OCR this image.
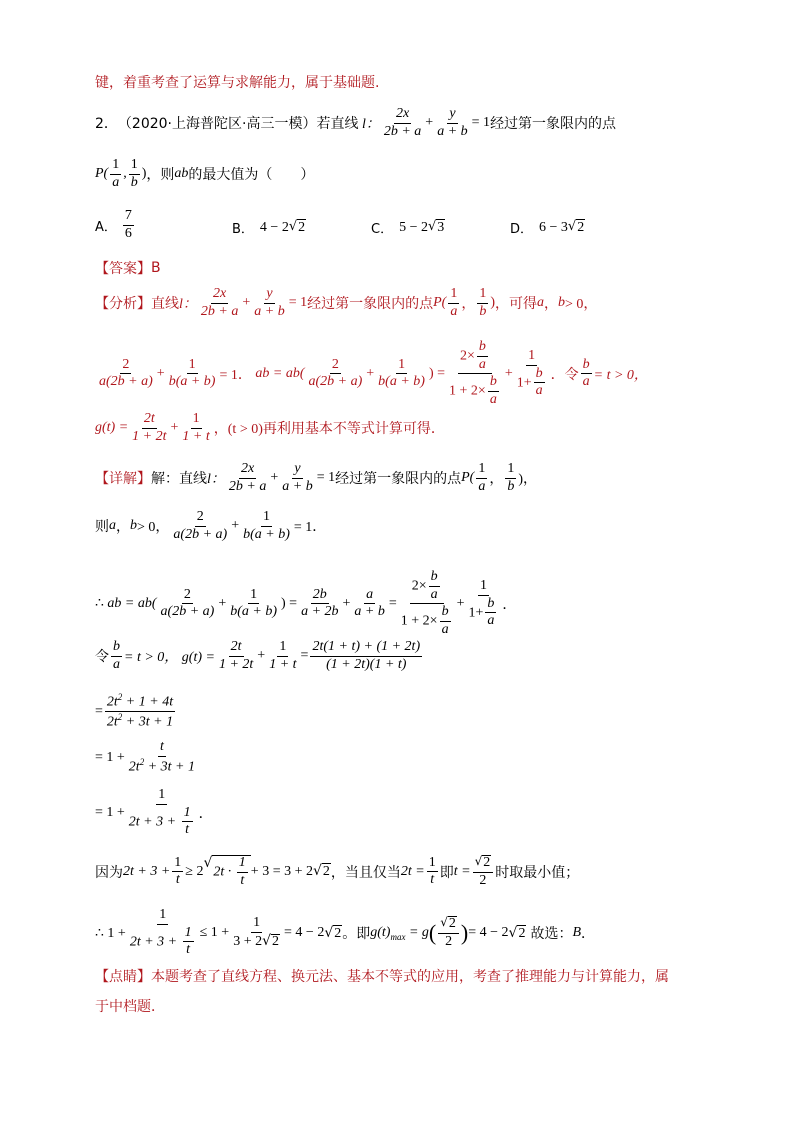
键，着重考查了运算与求解能力，属于基础题.
2． （2020·上海普陀区·高三一模） 若直线 l： $\frac{2x}{2b + a} + \frac{y}{a + b} = 1$ 经过第一象限内的点
$P( \frac{1}{a}$ , $\frac{1}{b}$ ) ，则 ab 的最大值为（　　）
A． $\frac{7}{6}$	B． 4 − 2 √ 2	C． 5 − 2 √ 3	D． 6 − 3 √ 2
【答案】 B
【分析】 直线 l： $\frac{2x}{2b + a} + \frac{y}{a + b} = 1$ 经过第一象限内的点 $P( \frac{1}{a}$ ， $\frac{1}{b}$ ) ，可得 a ， b > 0，
$\frac{2}{a(2b + a)} + \frac{1}{b(a + b)} = 1$． ab = $ab( \frac{2}{a(2b + a)} + \frac{1}{b(a + b)}$ ) = $\frac{2\times \frac{b}{a}}{1 + 2\times \frac{b}{a}} + \frac{1}{1+ \frac{b}{a}}$ ． 令 $\frac{b}{a} = t > 0$，
$g(t) = \frac{2t}{1 + 2t} + \frac{1}{1 + t}$ ，(t > 0) 再利用基本不等式计算可得．
【详解】 解：直线 l： $\frac{2x}{2b + a} + \frac{y}{a + b} = 1$ 经过第一象限内的点 $P( \frac{1}{a}$ ， $\frac{1}{b}$ )，
则 a ， b > 0， $\frac{2}{a(2b + a)} + \frac{1}{b(a + b)} = 1$．
∴ ab = $ab( \frac{2}{a(2b + a)} + \frac{1}{b(a + b)}$ ) = $\frac{2b}{a + 2b} + \frac{a}{a + b} = \frac{2\times \frac{b}{a}}{1 + 2\times \frac{b}{a}} + \frac{1}{1+ \frac{b}{a}}$ ．
令 $\frac{b}{a} = t > 0$， $g(t) = \frac{2t}{1 + 2t} + \frac{1}{1 + t} = \frac{2t(1 + t) + (1 + 2t)}{(1 + 2t)(1 + t)}$
= $\frac{2t^2 + 1 + 4t}{2t^2 + 3t + 1}$
= $1 + \frac{t}{2t^2 + 3t + 1}$
= $1 + \frac{1}{2t + 3 + \frac{1}{t}}$ ．
因为 $2t + 3 + \frac{1}{t} \ge 2$
√
$2t \cdot \frac{1}{t} + 3 = 3 + 2$ √ 2 ，当且仅当 $2t = \frac{1}{t}$ 即 $t = \frac{√ 2}{2}$ 时取最小值；
∴ $1 + \frac{1}{2t + 3 + \frac{1}{t}} \le 1 + \frac{1}{3 + 2 √ 2} = 4 - 2$ √ 2 。即 $g(t)_{max} = g$ ( $\frac{√ 2}{2}$ ) = 4 − 2 √ 2 故选： B ．
【点睛】 本题考查了直线方程、换元法、基本不等式的应用，考查了推理能力与计算能力，属
于中档题．
